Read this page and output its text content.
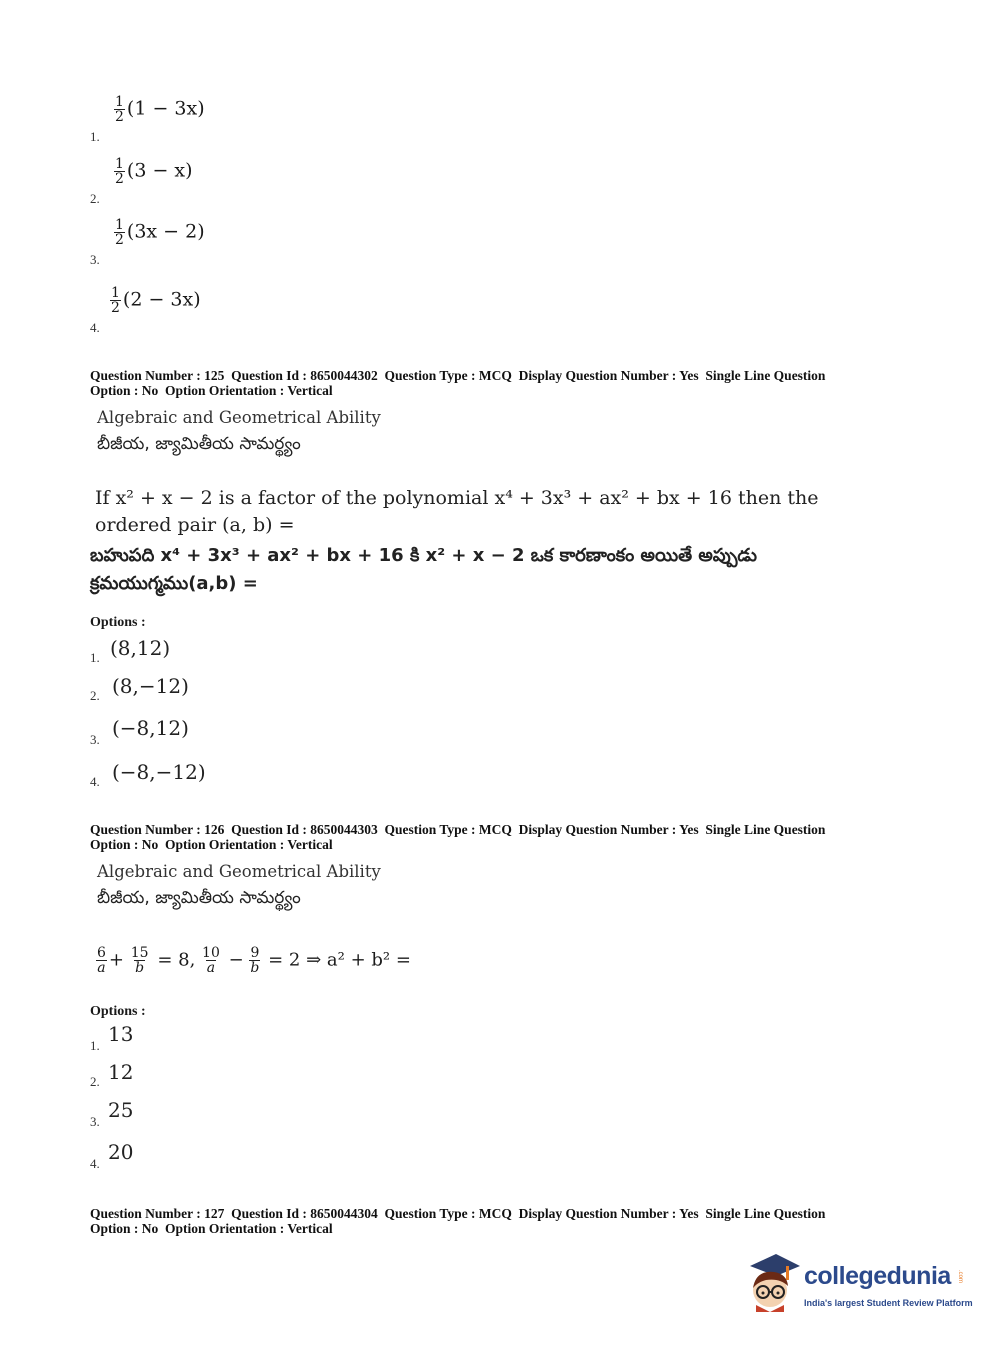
1.
$\frac{1}{2} (1 - 3x)$
2.
$\frac{1}{2} (3 - x)$
3.
$\frac{1}{2} (3x - 2)$
4.
$\frac{1}{2} (2 - 3x)$
Question Number : 125  Question Id : 8650044302  Question Type : MCQ  Display Question Number : Yes  Single Line Question
Option : No  Option Orientation : Vertical
Algebraic and Geometrical Ability
బీజీయ, జ్యామితీయ సామర్థ్యం
If x² + x − 2 is a factor of the polynomial x⁴ + 3x³ + ax² + bx + 16 then the
ordered pair (a, b) =
బహుపది x⁴ + 3x³ + ax² + bx + 16 కి x² + x − 2 ఒక కారణాంకం అయితే అప్పుడు
క్రమయుగ్మము(a,b) =
Options :
1. (8,12)
2. (8,−12)
3. (−8,12)
4. (−8,−12)
Question Number : 126  Question Id : 8650044303  Question Type : MCQ  Display Question Number : Yes  Single Line Question
Option : No  Option Orientation : Vertical
Algebraic and Geometrical Ability
బీజీయ, జ్యామితీయ సామర్థ్యం
$\frac{6}{a} + \frac{15}{b} = 8$, $\frac{10}{a} - \frac{9}{b} = 2$ ⇒ a² + b² =
Options :
1. 13
2. 12
3. 25
4. 20
Question Number : 127  Question Id : 8650044304  Question Type : MCQ  Display Question Number : Yes  Single Line Question
Option : No  Option Orientation : Vertical
collegedunia .com
India's largest Student Review Platform
